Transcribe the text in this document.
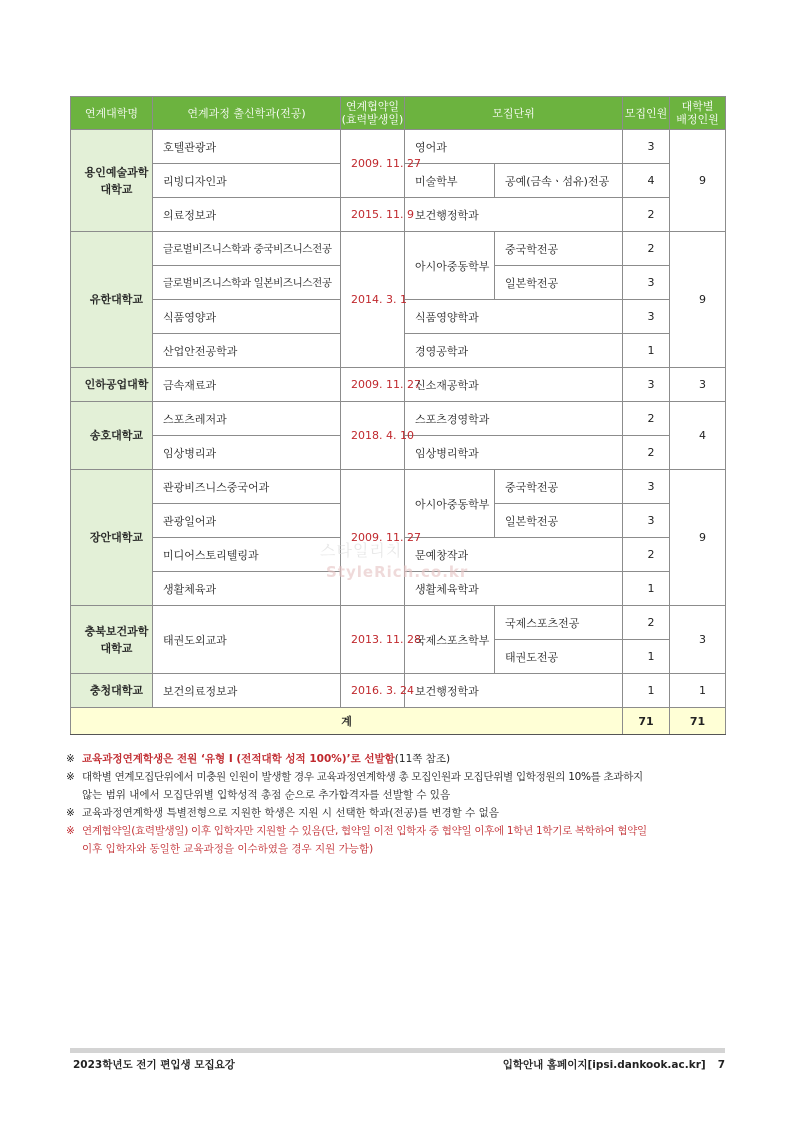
연계대학명	연계과정 출신학과(전공)	연계협약일
(효력발생일)	모집단위		모집인원	대학별
배정인원
용인예술과학
대학교	호텔관광과	2009. 11. 27	영어과		3	9
	리빙디자인과		미술학부	공예(금속ㆍ섬유)전공	4	
	의료정보과	2015. 11. 9	보건행정학과		2	
유한대학교	글로벌비즈니스학과 중국비즈니스전공	2014. 3. 1	아시아중동학부	중국학전공	2	9
	글로벌비즈니스학과 일본비즈니스전공			일본학전공	3	
	식품영양과		식품영양학과		3	
	산업안전공학과		경영공학과		1	
인하공업대학	금속재료과	2009. 11. 27	신소재공학과		3	3
송호대학교	스포츠레저과	2018. 4. 10	스포츠경영학과		2	4
	임상병리과		임상병리학과		2	
장안대학교	관광비즈니스중국어과	2009. 11. 27	아시아중동학부	중국학전공	3	9
	관광일어과			일본학전공	3	
	미디어스토리텔링과		문예창작과		2	
	생활체육과		생활체육학과		1	
충북보건과학
대학교	태권도외교과	2013. 11. 28	국제스포츠학부	국제스포츠전공	2	3
				태권도전공	1	
충청대학교	보건의료정보과	2016. 3. 24	보건행정학과		1	1
계					71	71
스타일리치
StyleRich.co.kr
※ 교육과정연계학생은 전원 ‘유형 I (전적대학 성적 100%)’로 선발함(11쪽 참조)
※ 대학별 연계모집단위에서 미충원 인원이 발생할 경우 교육과정연계학생 총 모집인원과 모집단위별 입학정원의 10%를 초과하지
않는 범위 내에서 모집단위별 입학성적 총점 순으로 추가합격자를 선발할 수 있음
※ 교육과정연계학생 특별전형으로 지원한 학생은 지원 시 선택한 학과(전공)를 변경할 수 없음
※ 연계협약일(효력발생일) 이후 입학자만 지원할 수 있음(단, 협약일 이전 입학자 중 협약일 이후에 1학년 1학기로 복학하여 협약일
이후 입학자와 동일한 교육과정을 이수하였을 경우 지원 가능함)
2023학년도 전기 편입생 모집요강	입학안내 홈페이지[ipsi.dankook.ac.kr] 7
